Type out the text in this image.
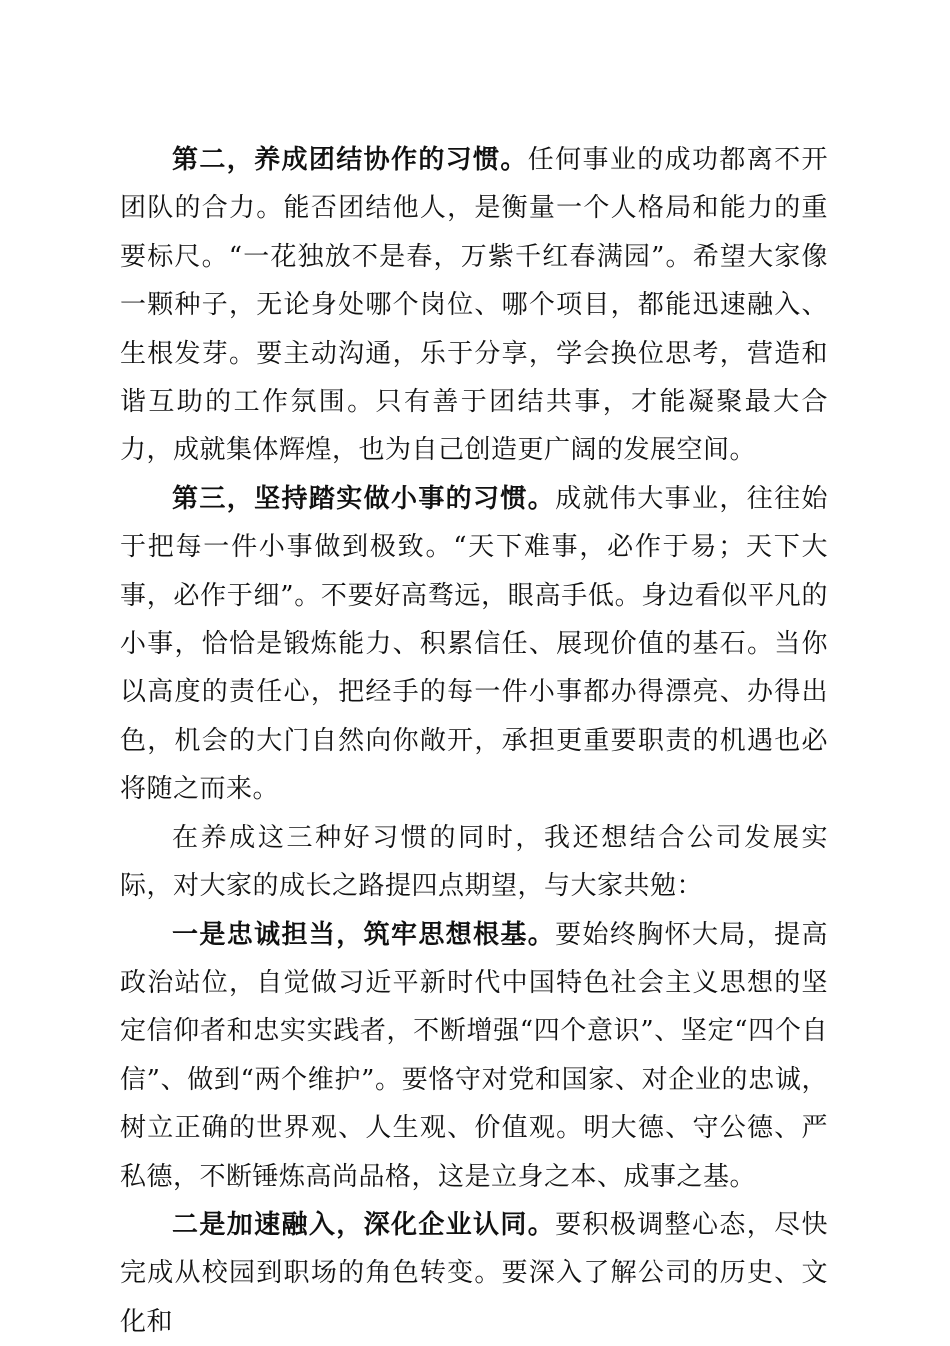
第二，养成团结协作的习惯。任何事业的成功都离不开团队的合力。能否团结他人，是衡量一个人格局和能力的重要标尺。“一花独放不是春，万紫千红春满园”。希望大家像一颗种子，无论身处哪个岗位、哪个项目，都能迅速融入、生根发芽。要主动沟通，乐于分享，学会换位思考，营造和谐互助的工作氛围。只有善于团结共事，才能凝聚最大合力，成就集体辉煌，也为自己创造更广阔的发展空间。

第三，坚持踏实做小事的习惯。成就伟大事业，往往始于把每一件小事做到极致。“天下难事，必作于易；天下大事，必作于细”。不要好高骛远，眼高手低。身边看似平凡的小事，恰恰是锻炼能力、积累信任、展现价值的基石。当你以高度的责任心，把经手的每一件小事都办得漂亮、办得出色，机会的大门自然向你敞开，承担更重要职责的机遇也必将随之而来。

在养成这三种好习惯的同时，我还想结合公司发展实际，对大家的成长之路提四点期望，与大家共勉：

一是忠诚担当，筑牢思想根基。要始终胸怀大局，提高政治站位，自觉做习近平新时代中国特色社会主义思想的坚定信仰者和忠实实践者，不断增强“四个意识”、坚定“四个自信”、做到“两个维护”。要恪守对党和国家、对企业的忠诚，树立正确的世界观、人生观、价值观。明大德、守公德、严私德，不断锤炼高尚品格，这是立身之本、成事之基。

二是加速融入，深化企业认同。要积极调整心态，尽快完成从校园到职场的角色转变。要深入了解公司的历史、文化和
